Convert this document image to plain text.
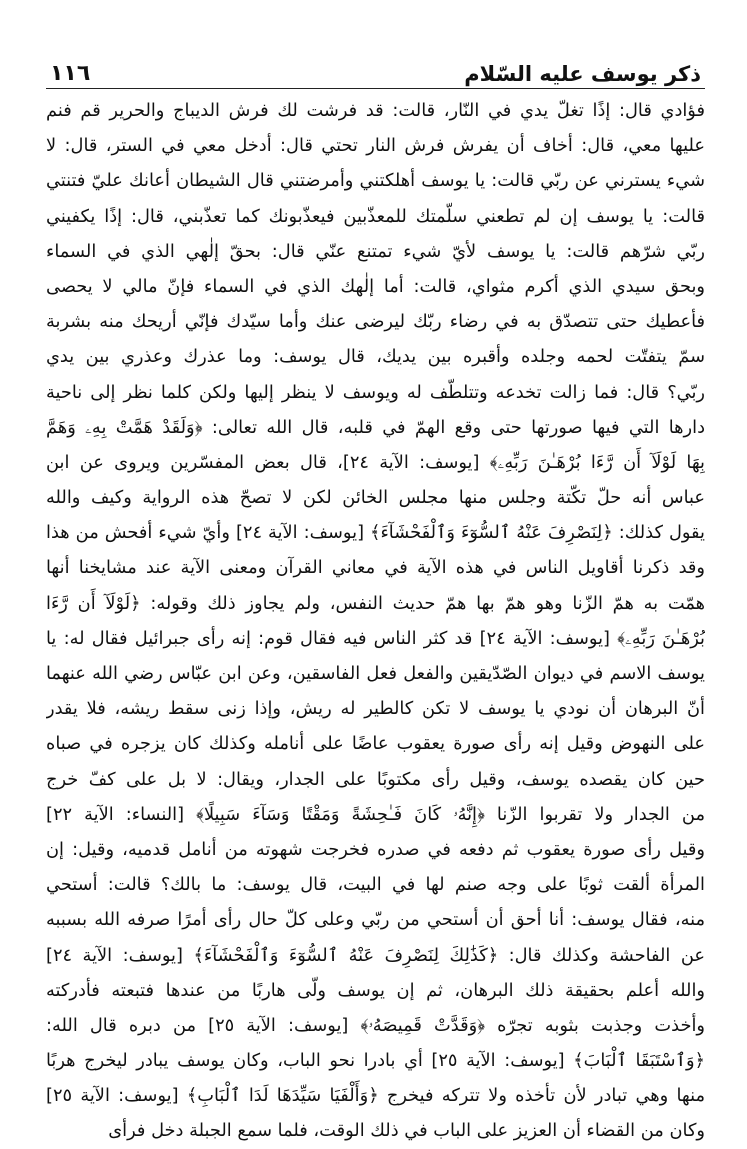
ذكر يوسف عليه السّلام
١١٦
فؤادي قال: إذًا تغلّ يدي في النّار، قالت: قد فرشت لك فرش الديباج والحرير قم فنم
عليها معي، قال: أخاف أن يفرش فرش النار تحتي قال: أدخل معي في الستر، قال: لا
شيء يسترني عن ربّي قالت: يا يوسف أهلكتني وأمرضتني قال الشيطان أعانك عليّ فتنتي
قالت: يا يوسف إن لم تطعني سلّمتك للمعذّبين فيعذّبونك كما تعذّبني، قال: إذًا يكفيني
ربّي شرّهم قالت: يا يوسف لأيّ شيء تمتنع عنّي قال: بحقّ إلٰهي الذي في السماء
وبحق سيدي الذي أكرم مثواي، قالت: أما إلٰهك الذي في السماء فإنّ مالي لا يحصى
فأعطيك حتى تتصدّق به في رضاء ربّك ليرضى عنك وأما سيّدك فإنّي أريحك منه بشربة
سمّ يتفتّت لحمه وجلده وأقبره بين يديك، قال يوسف: وما عذرك وعذري بين يدي
ربّي؟ قال: فما زالت تخدعه وتتلطّف له ويوسف لا ينظر إليها ولكن كلما نظر إلى ناحية
دارها التي فيها صورتها حتى وقع الهمّ في قلبه، قال الله تعالى: ﴿وَلَقَدْ هَمَّتْ بِهِۦ وَهَمَّ
بِهَا لَوْلَآ أَن رَّءَا بُرْهَـٰنَ رَبِّهِۦ﴾ [يوسف: الآية ٢٤]، قال بعض المفسّرين ويروى عن ابن
عباس أنه حلّ تكّتة وجلس منها مجلس الخائن لكن لا تصحّ هذه الرواية وكيف والله
يقول كذلك: ﴿لِنَصْرِفَ عَنْهُ ٱلسُّوٓءَ وَٱلْفَحْشَآءَ﴾ [يوسف: الآية ٢٤] وأيّ شيء أفحش من هذا
وقد ذكرنا أقاويل الناس في هذه الآية في معاني القرآن ومعنى الآية عند مشايخنا أنها
همّت به همّ الزّنا وهو همّ بها همّ حديث النفس، ولم يجاوز ذلك وقوله: ﴿لَوْلَآ أَن رَّءَا
بُرْهَـٰنَ رَبِّهِۦ﴾ [يوسف: الآية ٢٤] قد كثر الناس فيه فقال قوم: إنه رأى جبرائيل فقال له: يا
يوسف الاسم في ديوان الصّدّيقين والفعل فعل الفاسقين، وعن ابن عبّاس رضي الله عنهما
أنّ البرهان أن نودي يا يوسف لا تكن كالطير له ريش، وإذا زنى سقط ريشه، فلا يقدر
على النهوض وقيل إنه رأى صورة يعقوب عاضًا على أنامله وكذلك كان يزجره في صباه
حين كان يقصده يوسف، وقيل رأى مكتوبًا على الجدار، ويقال: لا بل على كفّ خرج
من الجدار ولا تقربوا الزّنا ﴿إِنَّهُۥ كَانَ فَـٰحِشَةً وَمَقْتًا وَسَآءَ سَبِيلًا﴾ [النساء: الآية ٢٢]
وقيل رأى صورة يعقوب ثم دفعه في صدره فخرجت شهوته من أنامل قدميه، وقيل: إن
المرأة ألقت ثوبًا على وجه صنم لها في البيت، قال يوسف: ما بالك؟ قالت: أستحي
منه، فقال يوسف: أنا أحق أن أستحي من ربّي وعلى كلّ حال رأى أمرًا صرفه الله بسببه
عن الفاحشة وكذلك قال: ﴿كَذَٰلِكَ لِنَصْرِفَ عَنْهُ ٱلسُّوٓءَ وَٱلْفَحْشَآءَ﴾ [يوسف: الآية ٢٤]
والله أعلم بحقيقة ذلك البرهان، ثم إن يوسف ولّى هاربًا من عندها فتبعته فأدركته
وأخذت وجذبت بثوبه تجرّه ﴿وَقَدَّتْ قَمِيصَهُۥ﴾ [يوسف: الآية ٢٥] من دبره قال الله:
﴿وَٱسْتَبَقَا ٱلْبَابَ﴾ [يوسف: الآية ٢٥] أي بادرا نحو الباب، وكان يوسف يبادر ليخرج هربًا
منها وهي تبادر لأن تأخذه ولا تتركه فيخرج ﴿وَأَلْفَيَا سَيِّدَهَا لَدَا ٱلْبَابِ﴾ [يوسف: الآية ٢٥]
وكان من القضاء أن العزيز على الباب في ذلك الوقت، فلما سمع الجبلة دخل فرأى
